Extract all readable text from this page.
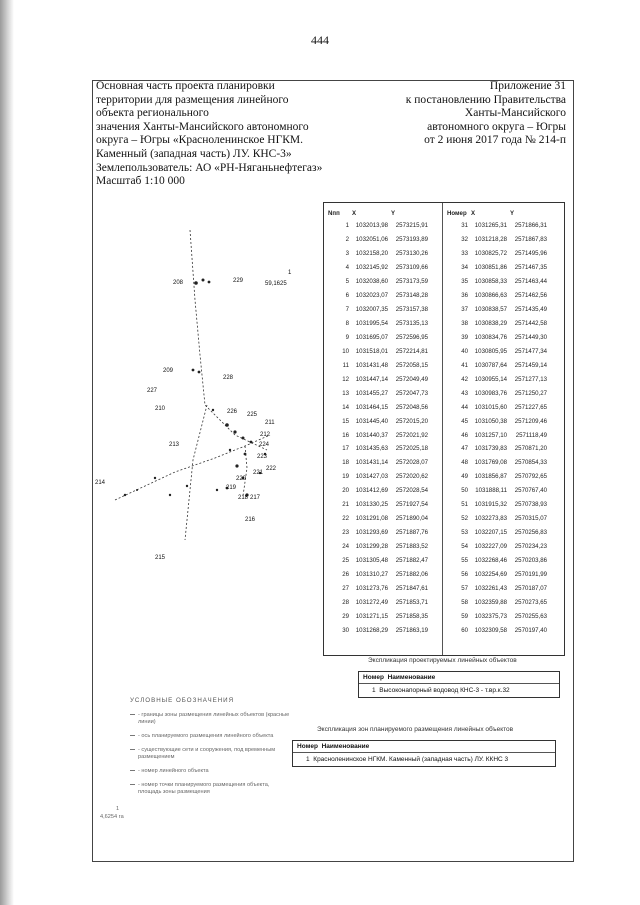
444
Основная часть проекта планировки
территории для размещения линейного
объекта регионального
значения Ханты-Мансийского автономного
округа – Югры «Красноленинское НГКМ.
Каменный (западная часть) ЛУ. КНС-3»
Землепользователь: АО «РН-Няганьнефтегаз»
Масштаб 1:10 000
Приложение 31
к постановлению Правительства
Ханты-Мансийского
автономного округа – Югры
от 2 июня 2017 года № 214-п
208	229
1
59,1625
209
228
227
210	226 225
211
212
213	224
223
222
221
220
214
219
218 217
216
215
Nпп	X	Y
1	1032013,98	2573215,91
2	1032051,06	2573193,89
3	1032158,20	2573130,26
4	1032145,92	2573109,66
5	1032038,60	2573173,59
6	1032023,07	2573148,28
7	1032007,35	2573157,38
8	1031995,54	2573135,13
9	1031695,07	2572596,95
10	1031518,01	2572214,81
11	1031431,48	2572058,15
12	1031447,14	2572049,49
13	1031455,27	2572047,73
14	1031464,15	2572048,56
15	1031445,40	2572015,20
16	1031440,37	2572021,92
17	1031435,63	2572025,18
18	1031431,14	2572028,07
19	1031427,03	2572020,62
20	1031412,69	2572028,54
21	1031330,25	2571927,54
22	1031291,08	2571890,04
23	1031293,69	2571887,76
24	1031299,28	2571883,52
25	1031305,48	2571882,47
26	1031310,27	2571882,06
27	1031273,76	2571847,61
28	1031272,49	2571853,71
29	1031271,15	2571858,35
30	1031268,29	2571863,19
Номер	X	Y
31	1031265,31	2571866,31
32	1031218,28	2571867,83
33	1030825,72	2571495,96
34	1030851,86	2571467,35
35	1030858,33	2571463,44
36	1030866,63	2571462,56
37	1030838,57	2571435,49
38	1030838,29	2571442,58
39	1030834,76	2571449,30
40	1030805,95	2571477,34
41	1030787,64	2571459,14
42	1030955,14	2571277,13
43	1030983,76	2571250,27
44	1031015,60	2571227,65
45	1031050,38	2571209,46
46	1031257,10	2571118,49
47	1031739,83	2570871,20
48	1031769,08	2570854,33
49	1031856,87	2570792,65
50	1031888,11	2570767,40
51	1031915,32	2570738,93
52	1032273,83	2570315,07
53	1032207,15	2570256,83
54	1032227,09	2570234,23
55	1032268,46	2570203,86
56	1032254,69	2570191,99
57	1032261,43	2570187,07
58	1032359,88	2570273,65
59	1032375,73	2570255,63
60	1032309,58	2570197,40
Экспликация проектируемых линейных объектов
Номер Наименование
1 Высоконапорный водовод КНС-3 - т.вр.к.32
Экспликация зон планируемого размещения линейных объектов
Номер Наименование
1 Красноленинское НГКМ. Каменный (западная часть) ЛУ. ККНС 3
УСЛОВНЫЕ ОБОЗНАЧЕНИЯ
- границы зоны размещения линейных объектов (красные линии)
- ось планируемого размещения линейного объекта
- существующие сети и сооружения, под временным размещением
- номер линейного объекта
- номер точки планируемого размещения объекта, площадь зоны размещения
1
4,6254 га
